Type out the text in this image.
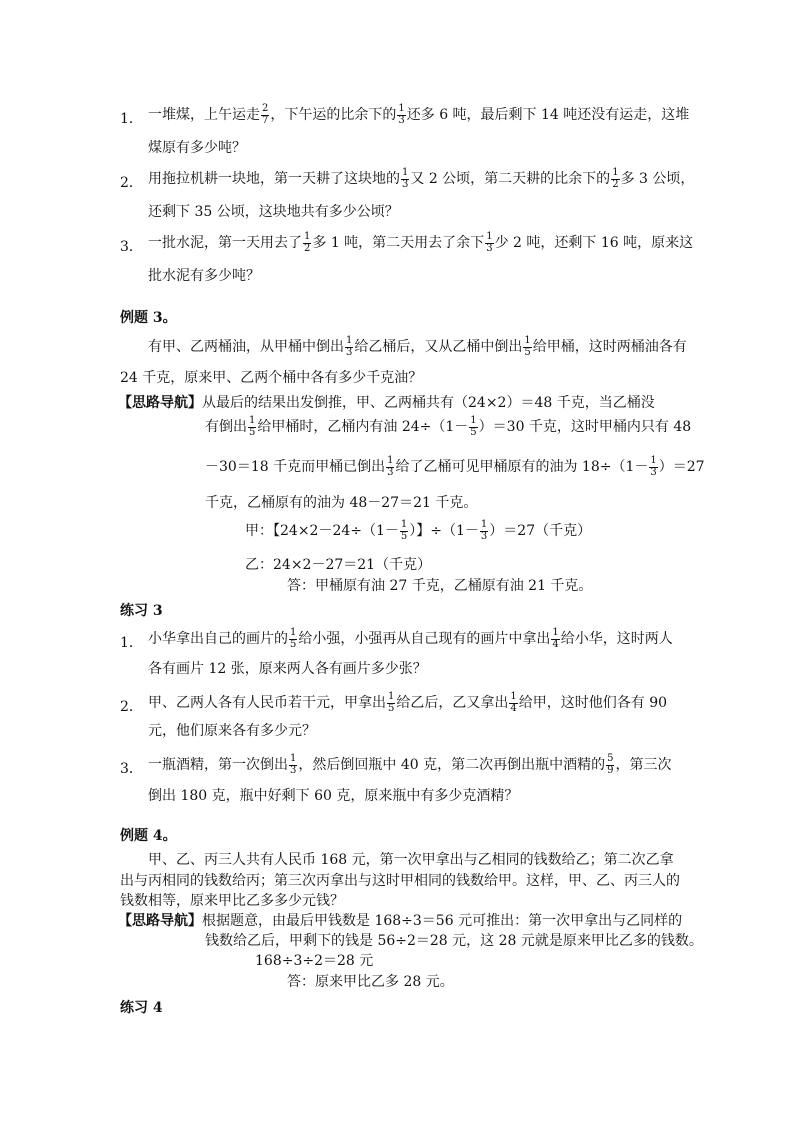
1． 一堆煤，上午运走 $\frac{2}{7}$ ，下午运的比余下的 $\frac{1}{3}$ 还多 6 吨，最后剩下 14 吨还没有运走，这堆
煤原有多少吨？
2． 用拖拉机耕一块地，第一天耕了这块地的 $\frac{1}{3}$ 又 2 公顷，第二天耕的比余下的 $\frac{1}{2}$ 多 3 公顷，
还剩下 35 公顷，这块地共有多少公顷？
3． 一批水泥，第一天用去了 $\frac{1}{2}$ 多 1 吨，第二天用去了余下 $\frac{1}{3}$ 少 2 吨，还剩下 16 吨，原来这
批水泥有多少吨？
例题 3。
有甲、乙两桶油，从甲桶中倒出 $\frac{1}{3}$ 给乙桶后，又从乙桶中倒出 $\frac{1}{5}$ 给甲桶，这时两桶油各有
24 千克，原来甲、乙两个桶中各有多少千克油？
【思路导航】从最后的结果出发倒推，甲、乙两桶共有（24×2）＝48 千克，当乙桶没
有倒出 $\frac{1}{5}$ 给甲桶时，乙桶内有油 $24\div(1- \frac{1}{5} )=30$ 千克，这时甲桶内只有 48
－30＝18 千克而甲桶已倒出 $\frac{1}{3}$ 给了乙桶可见甲桶原有的油为 $18\div(1- \frac{1}{3} )=27$
千克，乙桶原有的油为 48－27＝21 千克。
甲：【$24\times 2-24\div(1- \frac{1}{5}$ ）】$\div(1- \frac{1}{3} )=27$（千克）
乙：24×2－27＝21（千克）
答：甲桶原有油 27 千克，乙桶原有油 21 千克。
练习 3
1． 小华拿出自己的画片的 $\frac{1}{5}$ 给小强，小强再从自己现有的画片中拿出 $\frac{1}{4}$ 给小华，这时两人
各有画片 12 张，原来两人各有画片多少张？
2． 甲、乙两人各有人民币若干元，甲拿出 $\frac{1}{5}$ 给乙后，乙又拿出 $\frac{1}{4}$ 给甲，这时他们各有 90
元，他们原来各有多少元？
3． 一瓶酒精，第一次倒出 $\frac{1}{3}$ ，然后倒回瓶中 40 克，第二次再倒出瓶中酒精的 $\frac{5}{9}$ ，第三次
倒出 180 克，瓶中好剩下 60 克，原来瓶中有多少克酒精？
例题 4。
甲、乙、丙三人共有人民币 168 元，第一次甲拿出与乙相同的钱数给乙；第二次乙拿
出与丙相同的钱数给丙；第三次丙拿出与这时甲相同的钱数给甲。这样，甲、乙、丙三人的
钱数相等，原来甲比乙多多少元钱？
【思路导航】根据题意，由最后甲钱数是 168÷3＝56 元可推出：第一次甲拿出与乙同样的
钱数给乙后，甲剩下的钱是 56÷2＝28 元，这 28 元就是原来甲比乙多的钱数。
168÷3÷2＝28 元
答：原来甲比乙多 28 元。
练习 4
